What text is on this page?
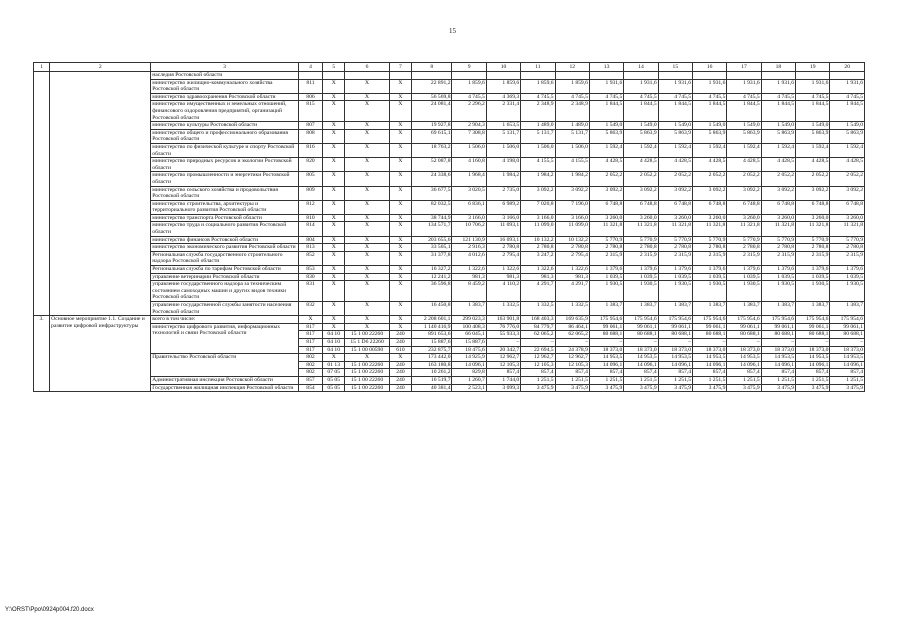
15
1	2	3	4	5	6	7	8	9	10	11	12	13	14	15	16	17	18	19	20
		наследия Ростовской области																	
		министерство жилищно-коммунального хозяйства Ростовской области	811	X	X	X	22 891,2	1 859,6	1 859,6	1 859,6	1 859,6	1 931,6	1 931,6	1 931,6	1 931,6	1 931,6	1 931,6	1 931,6	1 931,6
		министерство здравоохранения Ростовской области	806	X	X	X	56 569,8	4 745,5	4 369,3	4 745,5	4 745,5	4 745,5	4 745,5	4 745,5	4 745,5	4 745,5	4 745,5	4 745,5	4 745,5
		министерство имущественных и земельных отношений, финансового оздоровления предприятий, организаций Ростовской области	815	X	X	X	24 081,4	2 296,2	2 331,4	2 348,9	2 348,9	1 844,5	1 844,5	1 844,5	1 844,5	1 844,5	1 844,5	1 844,5	1 844,5
		министерство культуры Ростовской области	807	X	X	X	19 927,8	2 904,3	1 653,5	1 489,0	1 489,0	1 549,0	1 549,0	1 549,0	1 549,0	1 549,0	1 549,0	1 549,0	1 549,0
		министерство общего и профессионального образования Ростовской области	808	X	X	X	69 615,1	7 308,8	5 131,7	5 131,7	5 131,7	5 863,9	5 863,9	5 863,9	5 863,9	5 863,9	5 863,9	5 863,9	5 863,9
		министерство по физической культуре и спорту Ростовской области	816	X	X	X	18 763,2	1 506,0	1 506,0	1 506,0	1 506,0	1 592,4	1 592,4	1 592,4	1 592,4	1 592,4	1 592,4	1 592,4	1 592,4
		министерство природных ресурсов и экологии Ростовской области	820	X	X	X	52 087,8	4 160,8	4 198,0	4 155,5	4 155,5	4 428,5	4 428,5	4 428,5	4 428,5	4 428,5	4 428,5	4 428,5	4 428,5
		министерство промышленности и энергетики Ростовской области	805	X	X	X	24 338,6	1 968,4	1 984,2	1 984,2	1 984,2	2 052,2	2 052,2	2 052,2	2 052,2	2 052,2	2 052,2	2 052,2	2 052,2
		министерство сельского хозяйства и продовольствия Ростовской области	809	X	X	X	36 677,5	3 020,5	2 735,0	3 092,2	3 092,2	3 092,2	3 092,2	3 092,2	3 092,2	3 092,2	3 092,2	3 092,2	3 092,2
		министерство строительства, архитектуры и территориального развития Ростовской области	812	X	X	X	82 032,5	6 836,1	6 989,2	7 020,8	7 196,0	6 748,8	6 748,8	6 748,8	6 748,8	6 748,8	6 748,8	6 748,8	6 748,8
		министерство транспорта Ростовской области	810	X	X	X	38 744,9	3 166,0	3 166,0	3 166,0	3 166,0	3 260,0	3 260,0	3 260,0	3 260,0	3 260,0	3 260,0	3 260,0	3 260,0
		министерство труда и социального развития Ростовской области	814	X	X	X	134 571,7	10 706,2	11 093,1	11 099,0	11 099,0	11 321,8	11 321,8	11 321,8	11 321,8	11 321,8	11 321,8	11 321,8	11 321,8
		министерство финансов Ростовской области	804	X	X	X	203 655,6	121 130,9	16 093,1	10 132,2	10 132,2	5 770,9	5 770,9	5 770,9	5 770,9	5 770,9	5 770,9	5 770,9	5 770,9
		министерство экономического развития Ростовской области	813	X	X	X	33 505,1	2 916,3	2 780,8	2 780,8	2 780,8	2 780,8	2 780,8	2 780,8	2 780,8	2 780,8	2 780,8	2 780,8	2 780,8
		Региональная служба государственного строительного надзора Ростовской области	852	X	X	X	31 377,8	4 012,6	2 795,4	3 247,2	2 795,4	2 315,9	2 315,9	2 315,9	2 315,9	2 315,9	2 315,9	2 315,9	2 315,9
		Региональная служба по тарифам Ростовской области	853	X	X	X	16 327,2	1 322,6	1 322,6	1 322,6	1 322,6	1 379,6	1 379,6	1 379,6	1 379,6	1 379,6	1 379,6	1 379,6	1 379,6
		управление ветеринарии Ростовской области	830	X	X	X	12 241,2	981,3	981,3	981,3	981,3	1 039,5	1 039,5	1 039,5	1 039,5	1 039,5	1 039,5	1 039,5	1 039,5
		управление государственного надзора за техническим состоянием самоходных машин и других видов техники Ростовской области	831	X	X	X	36 596,8	8 459,2	4 110,2	4 291,7	4 291,7	1 930,5	1 930,5	1 930,5	1 930,5	1 930,5	1 930,5	1 930,5	1 930,5
		управление государственной службы занятости населения Ростовской области	832	X	X	X	16 450,8	1 383,7	1 332,5	1 332,5	1 332,5	1 383,7	1 383,7	1 383,7	1 383,7	1 383,7	1 383,7	1 383,7	1 383,7
3.	Основное мероприятие 1.1. Создание и развитие цифровой инфраструктуры	всего в том числе:	X	X	X	X	2 208 601,1	299 023,3	163 901,8	168 403,3	169 635,9	175 954,6	175 954,6	175 954,6	175 954,6	175 954,6	175 954,6	175 954,6	175 954,6
		министерство цифрового развития, информационных технологий и связи Ростовской области	817	X	X	X	1 140 416,9	100 408,3	76 776,0	84 779,7	86 464,1	99 061,1	99 061,1	99 061,1	99 061,1	99 061,1	99 061,1	99 061,1	99 061,1
			817	04 10	15 1 00 22260	240	891 653,6	66 045,1	55 933,3	62 065,2	62 065,2	80 688,1	80 688,1	80 688,1	80 688,1	80 688,1	80 688,1	80 688,1	80 688,1
			817	04 10	15 1 D6 22260	240	15 887,6	15 887,6	–	–	–	–	–	–	–	–	–	–	–
			817	04 10	15 1 00 00590	610	232 875,7	18 475,6	20 342,7	22 694,5	24 378,9	18 373,0	18 373,0	18 373,0	18 373,0	18 373,0	18 373,0	18 373,0	18 373,0
		Правительство Ростовской области	802	X	X	X	173 442,0	14 925,9	12 962,7	12 962,7	12 962,7	14 953,5	14 953,5	14 953,5	14 953,5	14 953,5	14 953,5	14 953,5	14 953,5
			802	01 13	15 1 00 22260	240	163 180,8	14 096,1	12 105,3	12 105,3	12 105,3	14 096,1	14 096,1	14 096,1	14 096,1	14 096,1	14 096,1	14 096,1	14 096,1
			802	07 05	15 1 00 22260	240	10 261,2	829,8	857,4	857,4	857,4	857,4	857,4	857,4	857,4	857,4	857,4	857,4	857,4
		Административная инспекция Ростовской области	857	05 05	15 1 00 22260	240	16 519,7	1 260,7	1 744,0	1 251,5	1 251,5	1 251,5	1 251,5	1 251,5	1 251,5	1 251,5	1 251,5	1 251,5	1 251,5
		Государственная жилищная инспекция Ростовской области	854	05 05	15 1 00 22260	240	40 381,4	2 523,1	3 099,3	3 475,9	3 475,9	3 475,9	3 475,9	3 475,9	3 475,9	3 475,9	3 475,9	3 475,9	3 475,9
Y:\ORST\Ppo\0924p004.f20.docx
